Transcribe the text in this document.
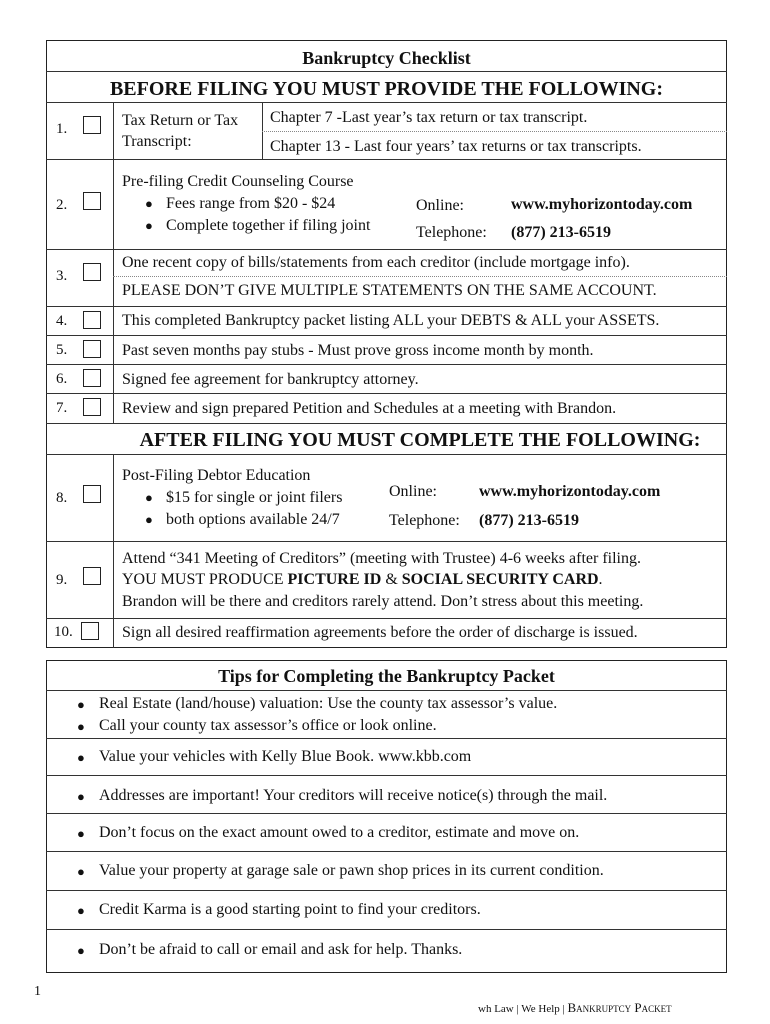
Bankruptcy Checklist
BEFORE FILING YOU MUST PROVIDE THE FOLLOWING:
1.	Tax Return or Tax
Transcript:
Chapter 7 -Last year’s tax return or tax transcript.
Chapter 13 - Last four years’ tax returns or tax transcripts.
2.
Pre-filing Credit Counseling Course
● Fees range from $20 - $24
● Complete together if filing joint
Online:	www.myhorizontoday.com
Telephone: (877) 213-6519
3.
One recent copy of bills/statements from each creditor (include mortgage info).
PLEASE DON’T GIVE MULTIPLE STATEMENTS ON THE SAME ACCOUNT.
4.	This completed Bankruptcy packet listing ALL your DEBTS & ALL your ASSETS.
5.	Past seven months pay stubs - Must prove gross income month by month.
6.	Signed fee agreement for bankruptcy attorney.
7.	Review and sign prepared Petition and Schedules at a meeting with Brandon.
AFTER FILING YOU MUST COMPLETE THE FOLLOWING:
8.
Post-Filing Debtor Education
● $15 for single or joint filers
● both options available 24/7
Online:	www.myhorizontoday.com
Telephone: (877) 213-6519
9.
Attend “341 Meeting of Creditors” (meeting with Trustee) 4-6 weeks after filing.
YOU MUST PRODUCE PICTURE ID & SOCIAL SECURITY CARD.
Brandon will be there and creditors rarely attend. Don’t stress about this meeting.
10.	Sign all desired reaffirmation agreements before the order of discharge is issued.
Tips for Completing the Bankruptcy Packet
● Real Estate (land/house) valuation: Use the county tax assessor’s value.
● Call your county tax assessor’s office or look online.
● Value your vehicles with Kelly Blue Book. www.kbb.com
● Addresses are important! Your creditors will receive notice(s) through the mail.
● Don’t focus on the exact amount owed to a creditor, estimate and move on.
● Value your property at garage sale or pawn shop prices in its current condition.
● Credit Karma is a good starting point to find your creditors.
● Don’t be afraid to call or email and ask for help. Thanks.
1
wh Law | We Help | Bankruptcy Packet
